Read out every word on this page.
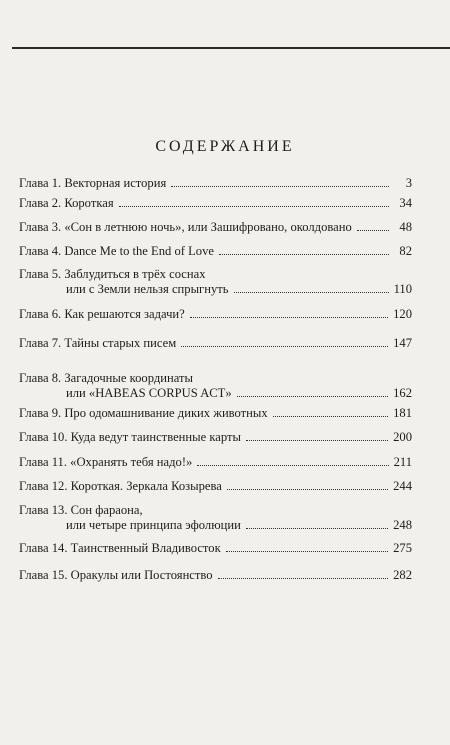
СОДЕРЖАНИЕ
Глава 1. Векторная история	3
Глава 2. Короткая	34
Глава 3. «Сон в летнюю ночь», или Зашифровано, околдовано	48
Глава 4. Dance Me to the End of Love	82
Глава 5. Заблудиться в трёх соснах
или с Земли нельзя спрыгнуть	110
Глава 6. Как решаются задачи?	120
Глава 7. Тайны старых писем	147
Глава 8. Загадочные координаты
или «HABEAS CORPUS ACT»	162
Глава 9. Про одомашнивание диких животных	181
Глава 10. Куда ведут таинственные карты	200
Глава 11. «Охранять тебя надо!»	211
Глава 12. Короткая. Зеркала Козырева	244
Глава 13. Сон фараона,
или четыре принципа эфолюции	248
Глава 14. Таинственный Владивосток	275
Глава 15. Оракулы или Постоянство	282
